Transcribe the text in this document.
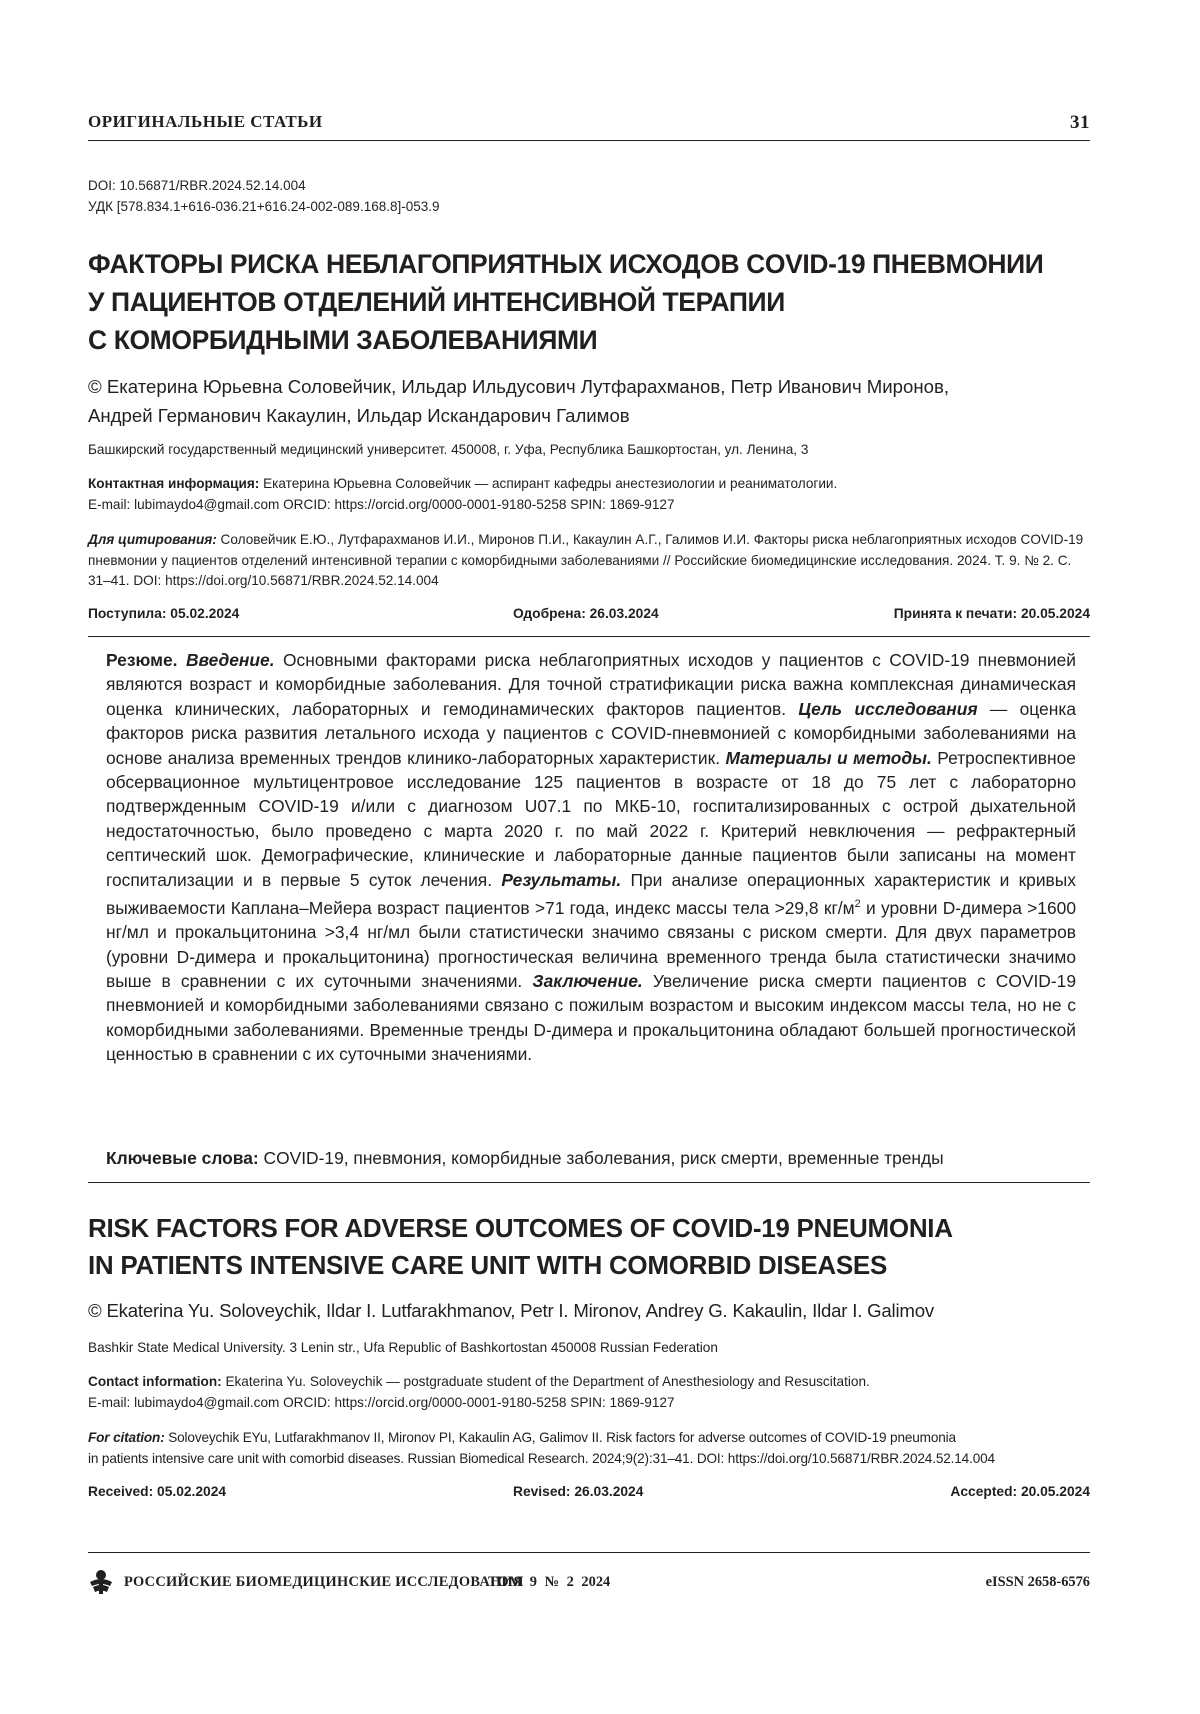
ОРИГИНАЛЬНЫЕ СТАТЬИ	31
DOI: 10.56871/RBR.2024.52.14.004
УДК [578.834.1+616-036.21+616.24-002-089.168.8]-053.9
ФАКТОРЫ РИСКА НЕБЛАГОПРИЯТНЫХ ИСХОДОВ COVID-19 ПНЕВМОНИИ
У ПАЦИЕНТОВ ОТДЕЛЕНИЙ ИНТЕНСИВНОЙ ТЕРАПИИ
С КОМОРБИДНЫМИ ЗАБОЛЕВАНИЯМИ
© Екатерина Юрьевна Соловейчик, Ильдар Ильдусович Лутфарахманов, Петр Иванович Миронов,
Андрей Германович Какаулин, Ильдар Искандарович Галимов
Башкирский государственный медицинский университет. 450008, г. Уфа, Республика Башкортостан, ул. Ленина, 3
Контактная информация: Екатерина Юрьевна Соловейчик — аспирант кафедры анестезиологии и реаниматологии.
E-mail: lubimaydo4@gmail.com ORCID: https://orcid.org/0000-0001-9180-5258 SPIN: 1869-9127
Для цитирования: Соловейчик Е.Ю., Лутфарахманов И.И., Миронов П.И., Какаулин А.Г., Галимов И.И. Факторы риска неблагоприятных исходов COVID-19 пневмонии у пациентов отделений интенсивной терапии с коморбидными заболеваниями // Российские биомедицинские исследования. 2024. Т. 9. № 2. С. 31–41. DOI: https://doi.org/10.56871/RBR.2024.52.14.004
Поступила: 05.02.2024	Одобрена: 26.03.2024	Принята к печати: 20.05.2024
Резюме. Введение. Основными факторами риска неблагоприятных исходов у пациентов с COVID-19 пневмонией являются возраст и коморбидные заболевания. Для точной стратификации риска важна комплексная динамическая оценка клинических, лабораторных и гемодинамических факторов пациентов. Цель исследования — оценка факторов риска развития летального исхода у пациентов с COVID-пневмонией с коморбидными заболеваниями на основе анализа временных трендов клинико-лабораторных характеристик. Материалы и методы. Ретроспективное обсервационное мультицентровое исследование 125 пациентов в возрасте от 18 до 75 лет с лабораторно подтвержденным COVID-19 и/или с диагнозом U07.1 по МКБ-10, госпитализированных с острой дыхательной недостаточностью, было проведено с марта 2020 г. по май 2022 г. Критерий невключения — рефрактерный септический шок. Демографические, клинические и лабораторные данные пациентов были записаны на момент госпитализации и в первые 5 суток лечения. Результаты. При анализе операционных характеристик и кривых выживаемости Каплана–Мейера возраст пациентов >71 года, индекс массы тела >29,8 $кг/м^2$ и уровни D-димера >1600 нг/мл и прокальцитонина >3,4 нг/мл были статистически значимо связаны с риском смерти. Для двух параметров (уровни D-димера и прокальцитонина) прогностическая величина временного тренда была статистически значимо выше в сравнении с их суточными значениями. Заключение. Увеличение риска смерти пациентов с COVID-19 пневмонией и коморбидными заболеваниями связано с пожилым возрастом и высоким индексом массы тела, но не с коморбидными заболеваниями. Временные тренды D-димера и прокальцитонина обладают большей прогностической ценностью в сравнении с их суточными значениями.
Ключевые слова: COVID-19, пневмония, коморбидные заболевания, риск смерти, временные тренды
RISK FACTORS FOR ADVERSE OUTCOMES OF COVID-19 PNEUMONIA
IN PATIENTS INTENSIVE CARE UNIT WITH COMORBID DISEASES
© Ekaterina Yu. Soloveychik, Ildar I. Lutfarakhmanov, Petr I. Mironov, Andrey G. Kakaulin, Ildar I. Galimov
Bashkir State Medical University. 3 Lenin str., Ufa Republic of Bashkortostan 450008 Russian Federation
Contact information: Ekaterina Yu. Soloveychik — postgraduate student of the Department of Anesthesiology and Resuscitation.
E-mail: lubimaydo4@gmail.com ORCID: https://orcid.org/0000-0001-9180-5258 SPIN: 1869-9127
For citation: Soloveychik EYu, Lutfarakhmanov II, Mironov PI, Kakaulin AG, Galimov II. Risk factors for adverse outcomes of COVID-19 pneumonia
in patients intensive care unit with comorbid diseases. Russian Biomedical Research. 2024;9(2):31–41. DOI: https://doi.org/10.56871/RBR.2024.52.14.004
Received: 05.02.2024	Revised: 26.03.2024	Accepted: 20.05.2024
РОССИЙСКИЕ БИОМЕДИЦИНСКИЕ ИССЛЕДОВАНИЯ
ТОМ 9 № 2 2024	eISSN 2658-6576
